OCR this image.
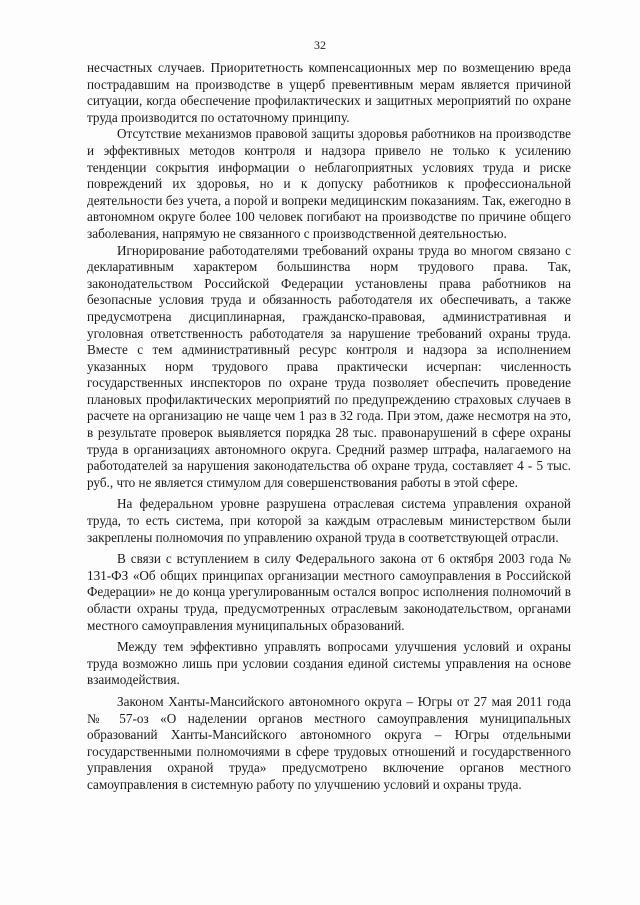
32

несчастных случаев. Приоритетность компенсационных мер по возмещению вреда пострадавшим на производстве в ущерб превентивным мерам является причиной ситуации, когда обеспечение профилактических и защитных мероприятий по охране труда производится по остаточному принципу.

Отсутствие механизмов правовой защиты здоровья работников на производстве и эффективных методов контроля и надзора привело не только к усилению тенденции сокрытия информации о неблагоприятных условиях труда и риске повреждений их здоровья, но и к допуску работников к профессиональной деятельности без учета, а порой и вопреки медицинским показаниям. Так, ежегодно в автономном округе более 100 человек погибают на производстве по причине общего заболевания, напрямую не связанного с производственной деятельностью.

Игнорирование работодателями требований охраны труда во многом связано с декларативным характером большинства норм трудового права. Так, законодательством Российской Федерации установлены права работников на безопасные условия труда и обязанность работодателя их обеспечивать, а также предусмотрена дисциплинарная, гражданско-правовая, административная и уголовная ответственность работодателя за нарушение требований охраны труда. Вместе с тем административный ресурс контроля и надзора за исполнением указанных норм трудового права практически исчерпан: численность государственных инспекторов по охране труда позволяет обеспечить проведение плановых профилактических мероприятий по предупреждению страховых случаев в расчете на организацию не чаще чем 1 раз в 32 года. При этом, даже несмотря на это, в результате проверок выявляется порядка 28 тыс. правонарушений в сфере охраны труда в организациях автономного округа. Средний размер штрафа, налагаемого на работодателей за нарушения законодательства об охране труда, составляет 4 - 5 тыс. руб., что не является стимулом для совершенствования работы в этой сфере.

На федеральном уровне разрушена отраслевая система управления охраной труда, то есть система, при которой за каждым отраслевым министерством были закреплены полномочия по управлению охраной труда в соответствующей отрасли.

В связи с вступлением в силу Федерального закона от 6 октября 2003 года № 131-ФЗ «Об общих принципах организации местного самоуправления в Российской Федерации» не до конца урегулированным остался вопрос исполнения полномочий в области охраны труда, предусмотренных отраслевым законодательством, органами местного самоуправления муниципальных образований.

Между тем эффективно управлять вопросами улучшения условий и охраны труда возможно лишь при условии создания единой системы управления на основе взаимодействия.

Законом Ханты-Мансийского автономного округа – Югры от 27 мая 2011 года № 57-оз «О наделении органов местного самоуправления муниципальных образований Ханты-Мансийского автономного округа – Югры отдельными государственными полномочиями в сфере трудовых отношений и государственного управления охраной труда» предусмотрено включение органов местного самоуправления в системную работу по улучшению условий и охраны труда.
